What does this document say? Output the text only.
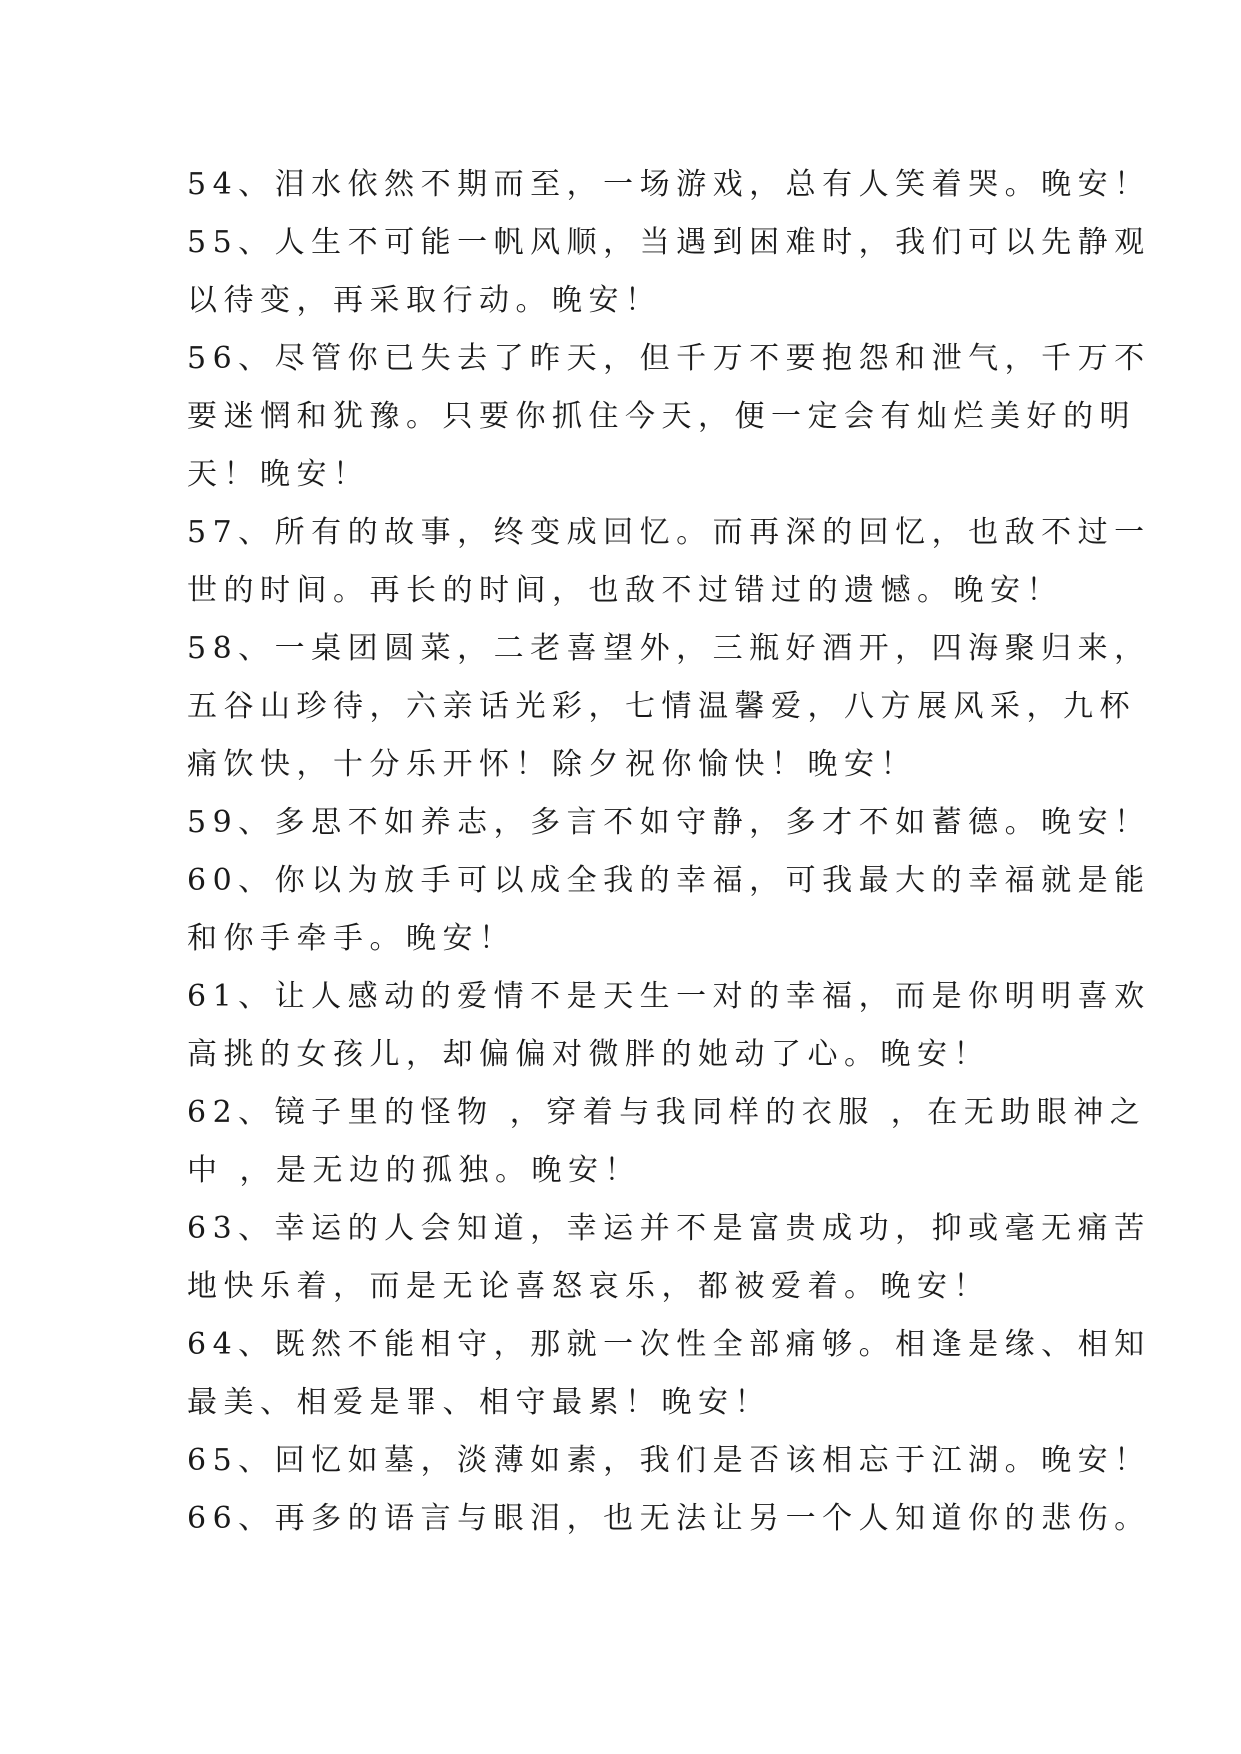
54、泪水依然不期而至，一场游戏，总有人笑着哭。晚安！
55、人生不可能一帆风顺，当遇到困难时，我们可以先静观
以待变，再采取行动。晚安！
56、尽管你已失去了昨天，但千万不要抱怨和泄气，千万不
要迷惘和犹豫。只要你抓住今天，便一定会有灿烂美好的明
天！晚安！
57、所有的故事，终变成回忆。而再深的回忆，也敌不过一
世的时间。再长的时间，也敌不过错过的遗憾。晚安！
58、一桌团圆菜，二老喜望外，三瓶好酒开，四海聚归来，
五谷山珍待，六亲话光彩，七情温馨爱，八方展风采，九杯
痛饮快，十分乐开怀！除夕祝你愉快！晚安！
59、多思不如养志，多言不如守静，多才不如蓄德。晚安！
60、你以为放手可以成全我的幸福，可我最大的幸福就是能
和你手牵手。晚安！
61、让人感动的爱情不是天生一对的幸福，而是你明明喜欢
高挑的女孩儿，却偏偏对微胖的她动了心。晚安！
62、镜子里的怪物 ，穿着与我同样的衣服 ，在无助眼神之
中 ，是无边的孤独。晚安！
63、幸运的人会知道，幸运并不是富贵成功，抑或毫无痛苦
地快乐着，而是无论喜怒哀乐，都被爱着。晚安！
64、既然不能相守，那就一次性全部痛够。相逢是缘、相知
最美、相爱是罪、相守最累！晚安！
65、回忆如墓，淡薄如素，我们是否该相忘于江湖。晚安！
66、再多的语言与眼泪，也无法让另一个人知道你的悲伤。
